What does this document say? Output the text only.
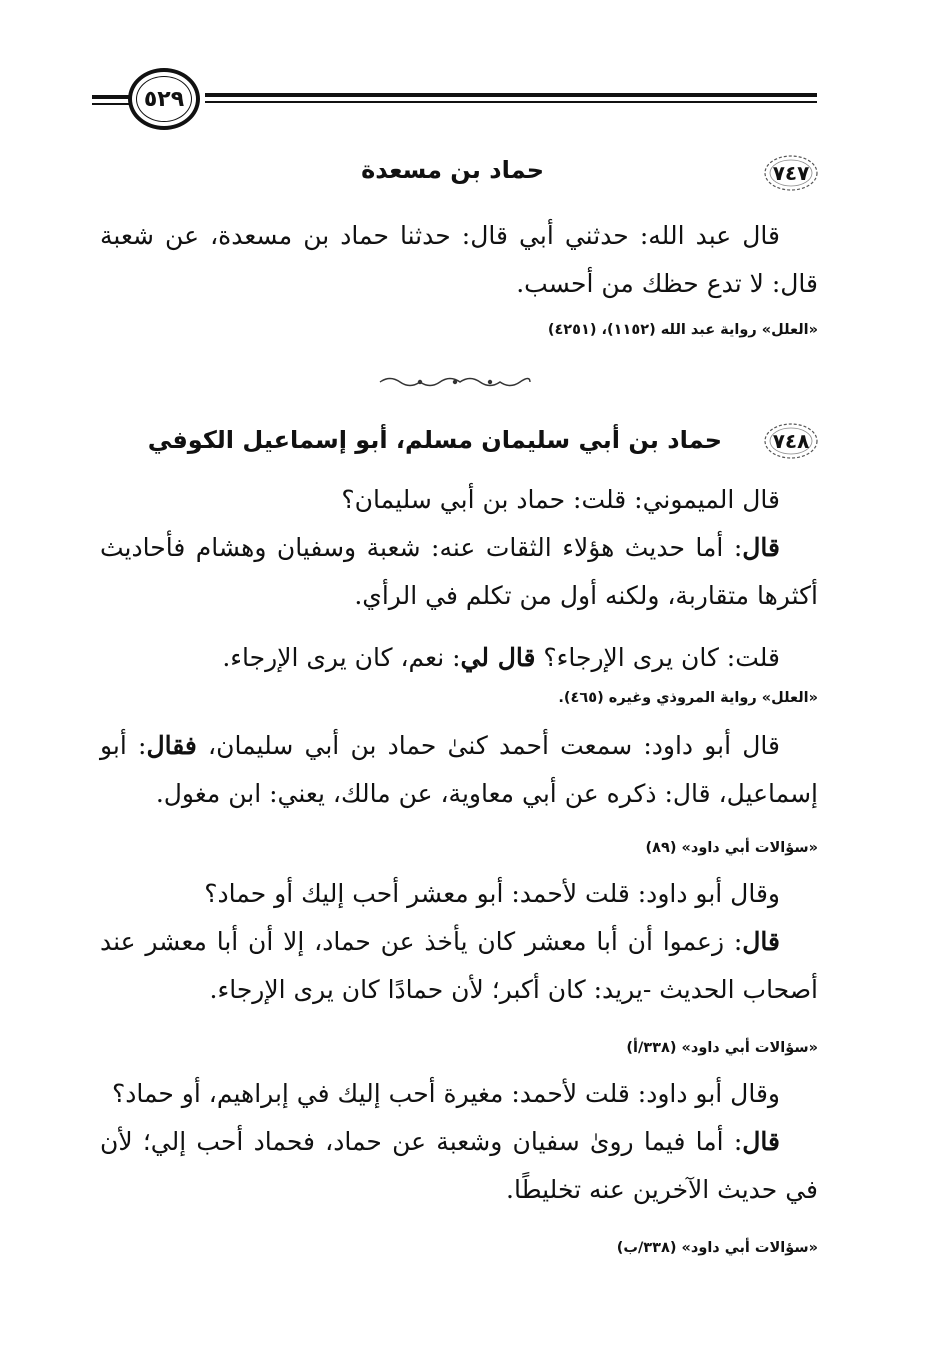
٥٢٩
٧٤٧
حماد بن مسعدة
قال عبد الله: حدثني أبي قال: حدثنا حماد بن مسعدة، عن شعبة قال: لا تدع حظك من أحسب.
«العلل» رواية عبد الله (١١٥٢)، (٤٢٥١)
٧٤٨
حماد بن أبي سليمان مسلم، أبو إسماعيل الكوفي
قال الميموني: قلت: حماد بن أبي سليمان؟
قال: أما حديث هؤلاء الثقات عنه: شعبة وسفيان وهشام فأحاديث أكثرها متقاربة، ولكنه أول من تكلم في الرأي.
قلت: كان يرى الإرجاء؟ قال لي: نعم، كان يرى الإرجاء.
«العلل» رواية المروذي وغيره (٤٦٥).
قال أبو داود: سمعت أحمد كنىٰ حماد بن أبي سليمان، فقال: أبو إسماعيل، قال: ذكره عن أبي معاوية، عن مالك، يعني: ابن مغول.
«سؤالات أبي داود» (٨٩)
وقال أبو داود: قلت لأحمد: أبو معشر أحب إليك أو حماد؟
قال: زعموا أن أبا معشر كان يأخذ عن حماد، إلا أن أبا معشر عند أصحاب الحديث -يريد: كان أكبر؛ لأن حمادًا كان يرى الإرجاء.
«سؤالات أبي داود» (٣٣٨/أ)
وقال أبو داود: قلت لأحمد: مغيرة أحب إليك في إبراهيم، أو حماد؟
قال: أما فيما روىٰ سفيان وشعبة عن حماد، فحماد أحب إلي؛ لأن في حديث الآخرين عنه تخليطًا.
«سؤالات أبي داود» (٣٣٨/ب)
